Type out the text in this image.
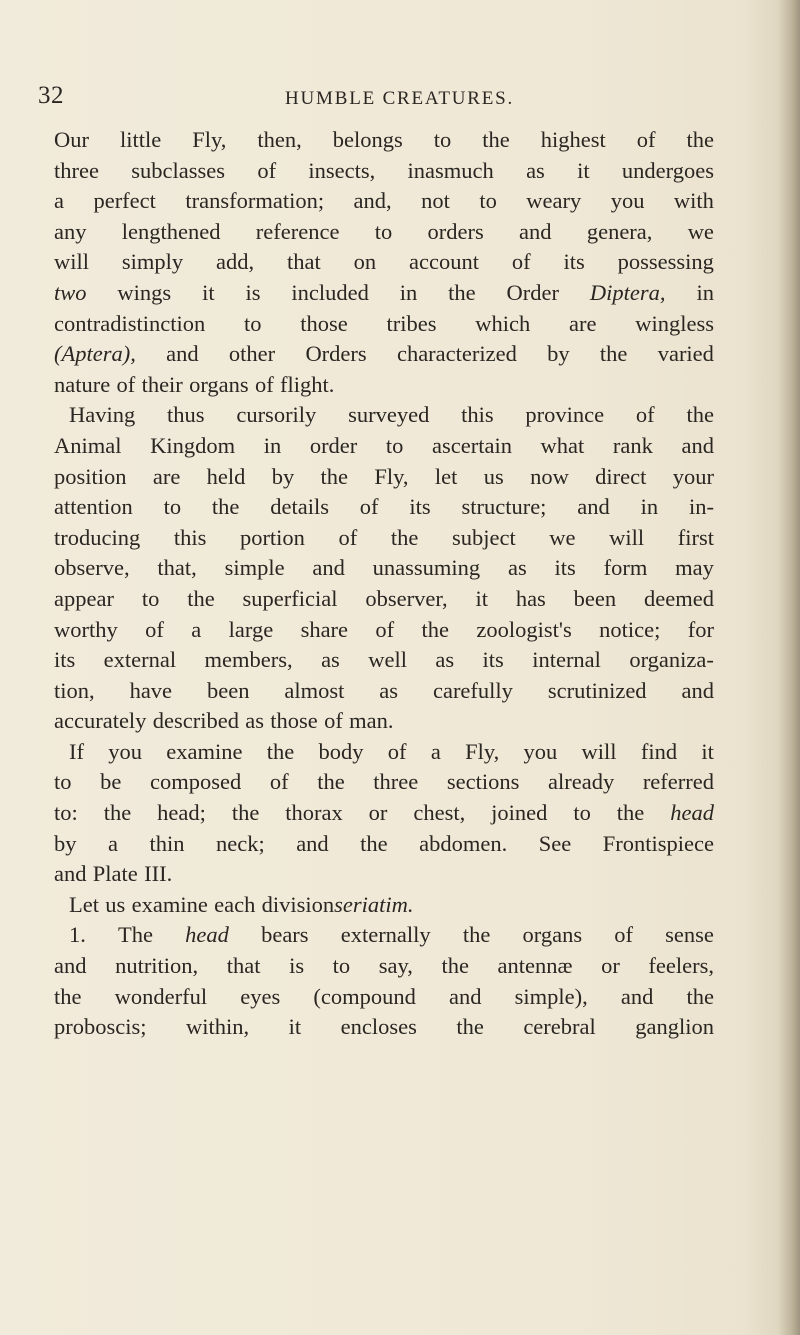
32	HUMBLE CREATURES.
Our little Fly, then, belongs to the highest of the
three subclasses of insects, inasmuch as it undergoes
a perfect transformation; and, not to weary you with
any lengthened reference to orders and genera, we
will simply add, that on account of its possessing
two wings it is included in the Order Diptera, in
contradistinction to those tribes which are wingless
(Aptera), and other Orders characterized by the varied
nature of their organs of flight.
Having thus cursorily surveyed this province of the
Animal Kingdom in order to ascertain what rank and
position are held by the Fly, let us now direct your
attention to the details of its structure; and in in-
troducing this portion of the subject we will first
observe, that, simple and unassuming as its form may
appear to the superficial observer, it has been deemed
worthy of a large share of the zoologist's notice; for
its external members, as well as its internal organiza-
tion, have been almost as carefully scrutinized and
accurately described as those of man.
If you examine the body of a Fly, you will find it
to be composed of the three sections already referred
to: the head; the thorax or chest, joined to the head
by a thin neck; and the abdomen. See Frontispiece
and Plate III.
Let us examine each division seriatim.
1. The head bears externally the organs of sense
and nutrition, that is to say, the antennæ or feelers,
the wonderful eyes (compound and simple), and the
proboscis; within, it encloses the cerebral ganglion
